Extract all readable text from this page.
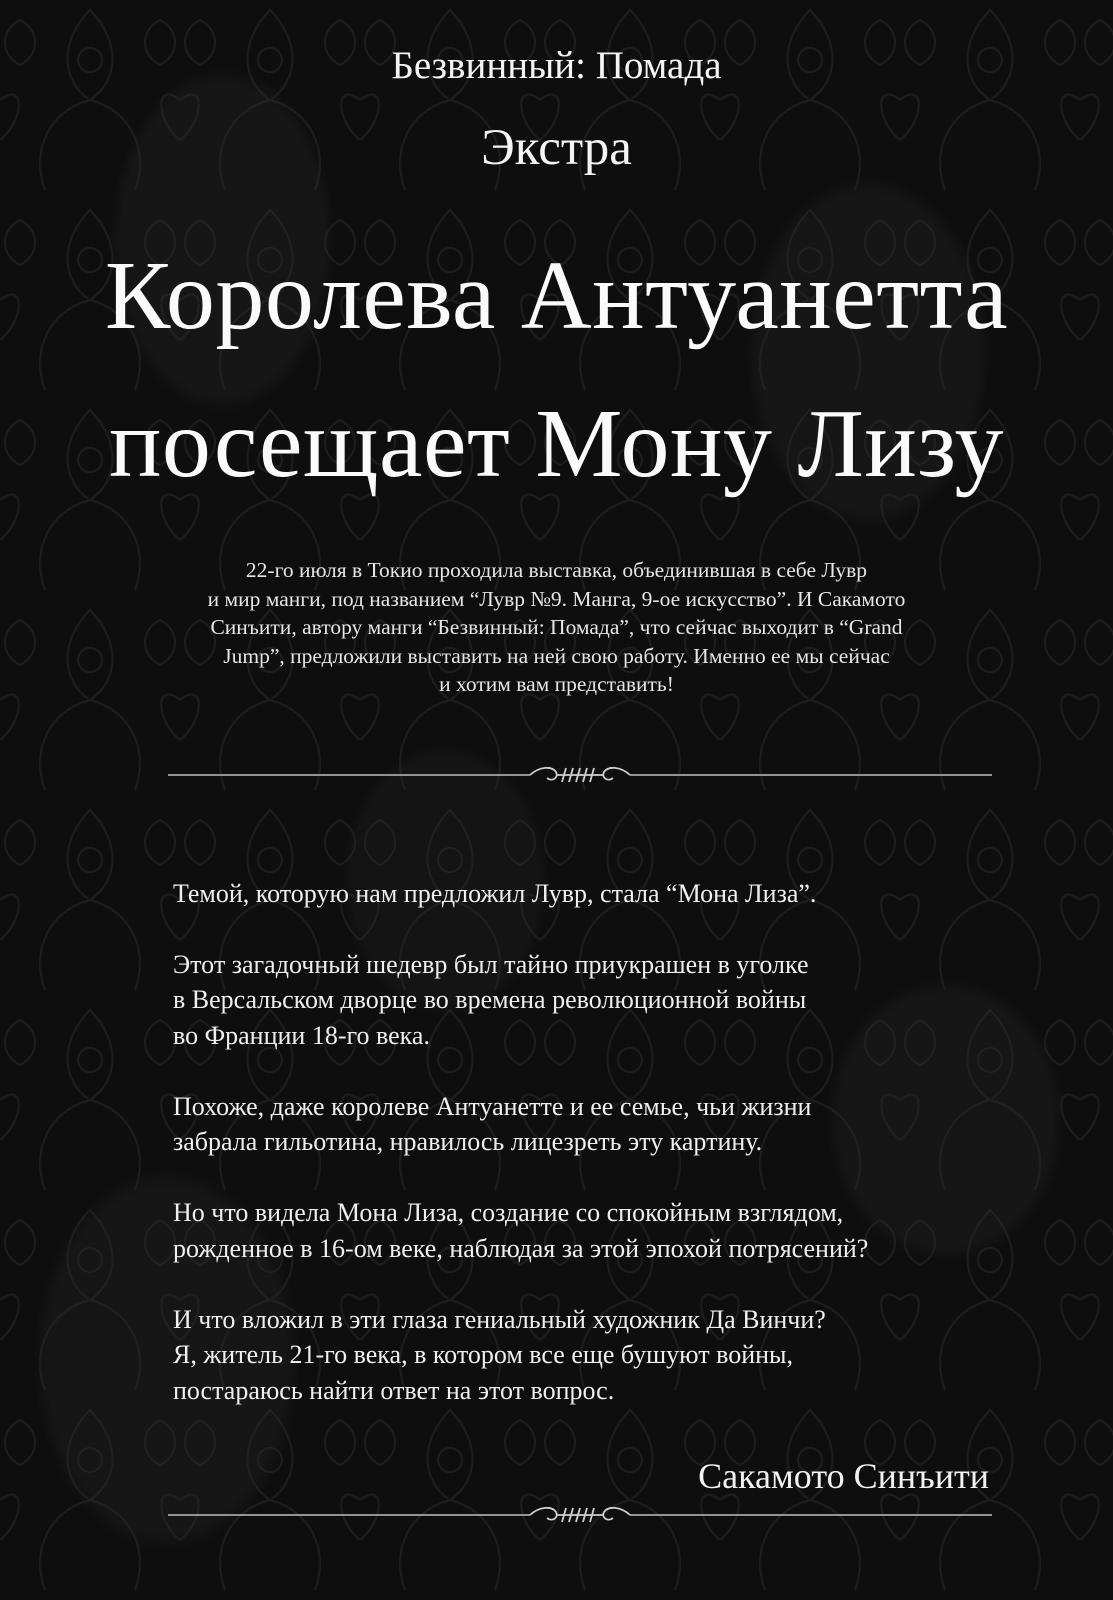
Безвинный: Помада
Экстра
Королева Антуанетта
посещает Мону Лизу
22-го июля в Токио проходила выставка, объединившая в себе Лувр
и мир манги, под названием “Лувр №9. Манга, 9-ое искусство”. И Сакамото
Синъити, автору манги “Безвинный: Помада”, что сейчас выходит в “Grand
Jump”, предложили выставить на ней свою работу. Именно ее мы сейчас
и хотим вам представить!

Темой, которую нам предложил Лувр, стала “Мона Лиза”.

Этот загадочный шедевр был тайно приукрашен в уголке
в Версальском дворце во времена революционной войны
во Франции 18-го века.

Похоже, даже королеве Антуанетте и ее семье, чьи жизни
забрала гильотина, нравилось лицезреть эту картину.

Но что видела Мона Лиза, создание со спокойным взглядом,
рожденное в 16-ом веке, наблюдая за этой эпохой потрясений?

И что вложил в эти глаза гениальный художник Да Винчи?
Я, житель 21-го века, в котором все еще бушуют войны,
постараюсь найти ответ на этот вопрос.

Сакамото Синъити
